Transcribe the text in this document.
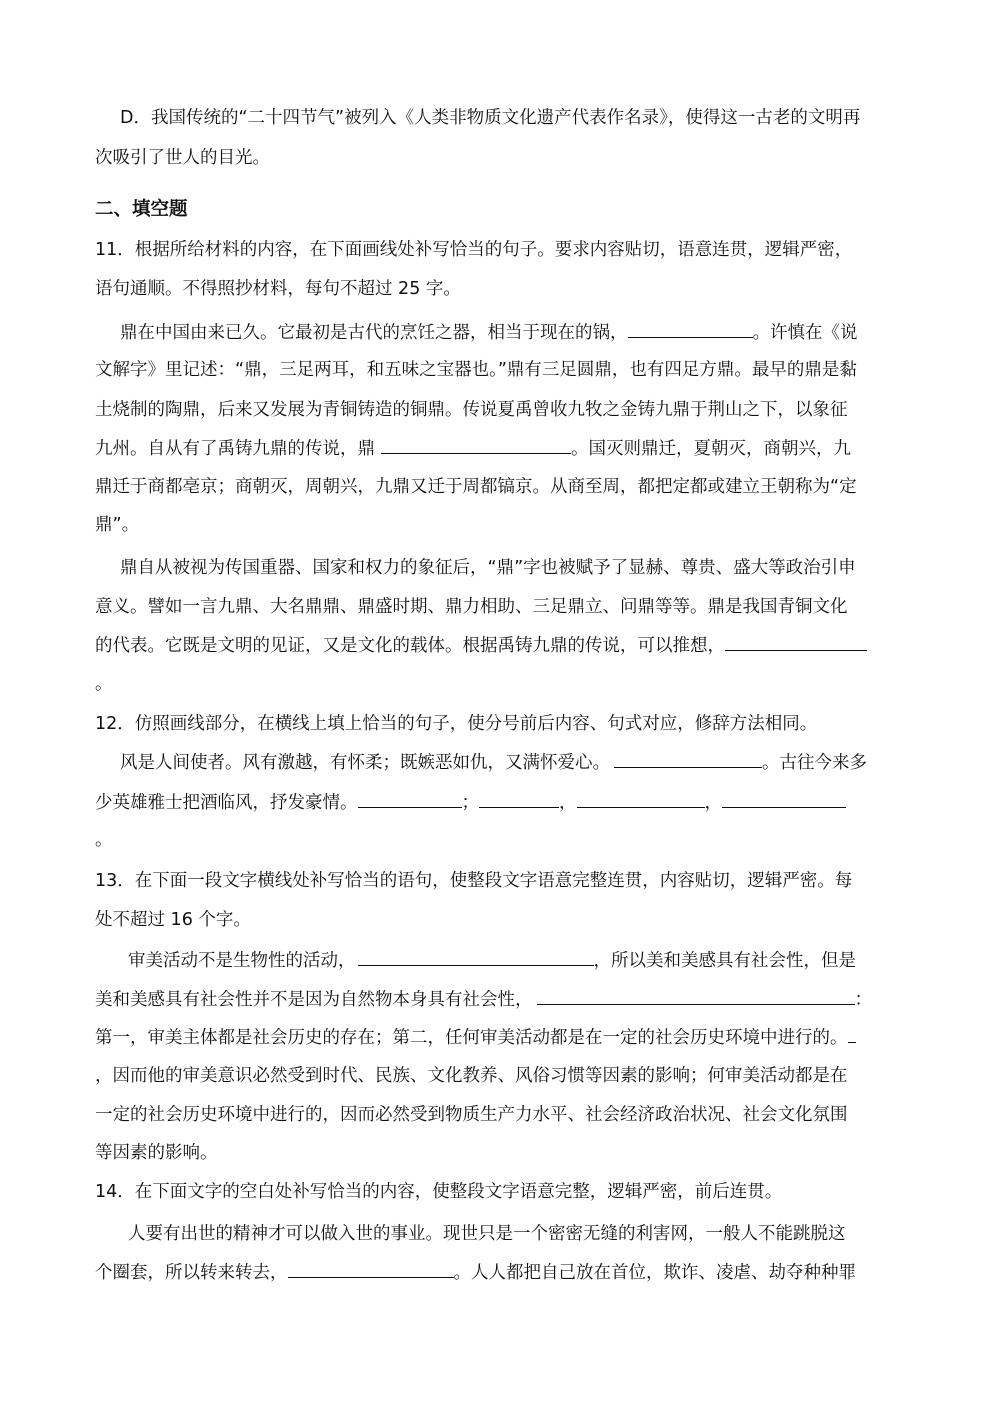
D．我国传统的“二十四节气”被列入《人类非物质文化遗产代表作名录》，使得这一古老的文明再
次吸引了世人的目光。
二、填空题
11．根据所给材料的内容，在下面画线处补写恰当的句子。要求内容贴切，语意连贯，逻辑严密，
语句通顺。不得照抄材料，每句不超过 25 字。
鼎在中国由来已久。它最初是古代的烹饪之器，相当于现在的锅，	。许慎在《说
文解字》里记述：“鼎，三足两耳，和五味之宝器也。”鼎有三足圆鼎，也有四足方鼎。最早的鼎是黏
土烧制的陶鼎，后来又发展为青铜铸造的铜鼎。传说夏禹曾收九牧之金铸九鼎于荆山之下，以象征
九州。自从有了禹铸九鼎的传说，鼎	。国灭则鼎迁，夏朝灭，商朝兴，九
鼎迁于商都亳京；商朝灭，周朝兴，九鼎又迁于周都镐京。从商至周，都把定都或建立王朝称为“定
鼎”。
鼎自从被视为传国重器、国家和权力的象征后，“鼎”字也被赋予了显赫、尊贵、盛大等政治引申
意义。譬如一言九鼎、大名鼎鼎、鼎盛时期、鼎力相助、三足鼎立、问鼎等等。鼎是我国青铜文化
的代表。它既是文明的见证，又是文化的载体。根据禹铸九鼎的传说，可以推想，
。
12．仿照画线部分，在横线上填上恰当的句子，使分号前后内容、句式对应，修辞方法相同。
风是人间使者。风有激越，有怀柔；既嫉恶如仇，又满怀爱心。	。古往今来多
少英雄雅士把酒临风，抒发豪情。	；	，	，
。
13．在下面一段文字横线处补写恰当的语句，使整段文字语意完整连贯，内容贴切，逻辑严密。每
处不超过 16 个字。
审美活动不是生物性的活动，	，所以美和美感具有社会性，但是
美和美感具有社会性并不是因为自然物本身具有社会性，	：
第一，审美主体都是社会历史的存在；第二，任何审美活动都是在一定的社会历史环境中进行的。
，因而他的审美意识必然受到时代、民族、文化教养、风俗习惯等因素的影响；何审美活动都是在
一定的社会历史环境中进行的，因而必然受到物质生产力水平、社会经济政治状况、社会文化氛围
等因素的影响。
14．在下面文字的空白处补写恰当的内容，使整段文字语意完整，逻辑严密，前后连贯。
人要有出世的精神才可以做入世的事业。现世只是一个密密无缝的利害网，一般人不能跳脱这
个圈套，所以转来转去，	。人人都把自己放在首位，欺诈、凌虐、劫夺种种罪
